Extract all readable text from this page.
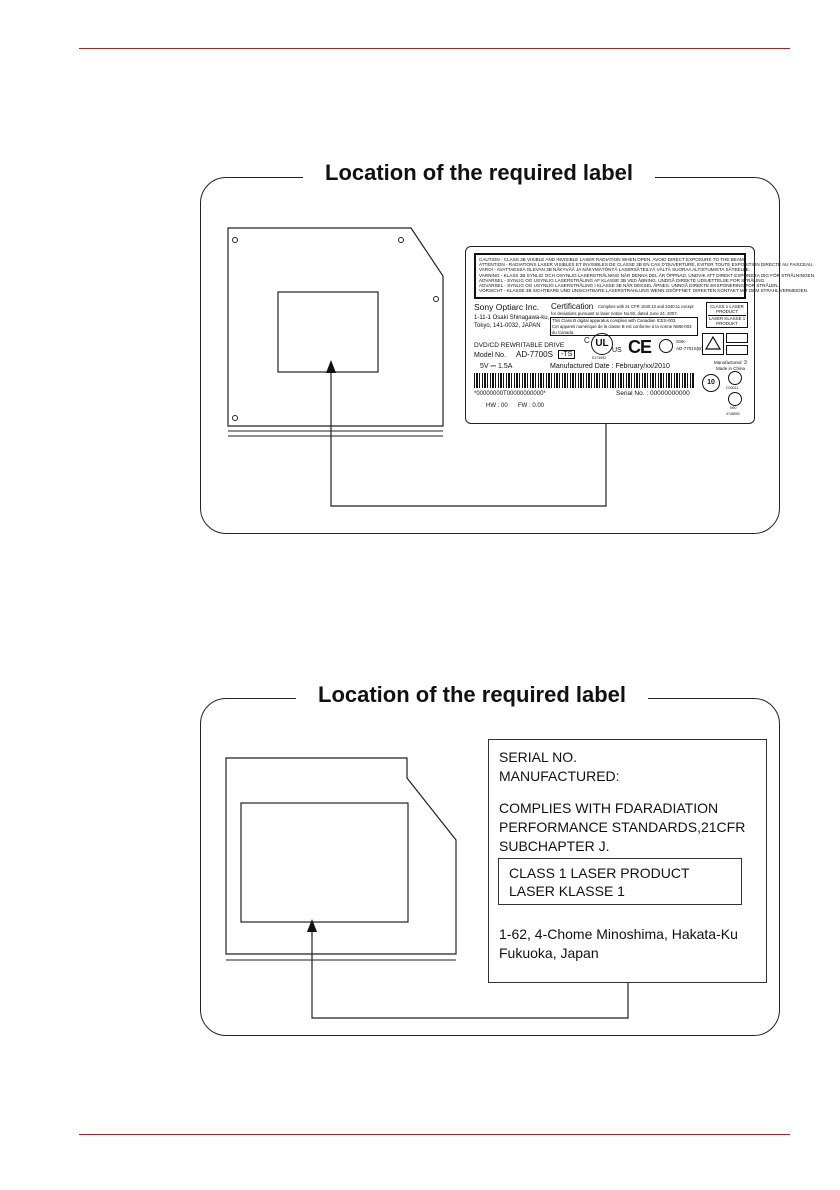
Location of the required label
CAUTION - CLASS 3B VISIBLE AND INVISIBLE LASER RADIATION WHEN OPEN. AVOID DIRECT EXPOSURE TO THE BEAM.
ATTENTION - RADIATIONS LASER VISIBLES ET INVISIBLES DE CLASSE 3B EN CAS D'OUVERTURE, EVITER TOUTE EXPOSITION DIRECTE AU FAISCEAU.
VARO! - AVATTAESSA OLEVAN 3B NÄKYVÄÄ JA NÄKYMÄTÖNTÄ LASERSÄTEILYÄ VÄLTÄ SUORAA ALTISTUMISTA SÄTEELLE.
VARNING - KLASS 3B SYNLIG OCH OSYNLIG LASERSTRÅLNING NÄR DENNA DEL ÄR ÖPPNAD, UNDVIK ATT DIREKT EXPONERA DIG FÖR STRÅLNINGEN.
ADVARSEL - SYNLIG OG USYNLIG LASERSTRÅLING AF KLASSE 3B VED ÅBNING. UNDGÅ DIREKTE UDSÆTTELSE FOR STRÅLING.
ADVARSEL - SYNLIG OG USYNLIG LASERSTRÅLING I KLASSE 3B NÅR DEKSEL ÅPNES. UNNGÅ DIREKTE EKSPONERING FOR STRÅLEN.
VORSICHT - KLASSE 3B SICHTBARE UND UNSICHTBARE LASERSTRAHLUNG WENN GEÖFFNET. DIREKTEN KONTAKT MIT DEM STRAHL VERMEIDEN.
Sony Optiarc Inc.
1-11-1 Osaki Shinagawa-ku,
Tokyo, 141-0032, JAPAN
Certification Complies with 21 CFR 1040.10 and 1040.11 except
for deviations pursuant to laser notice No.50, dated June 24, 2007.
This Class B digital apparatus complies with Canadian ICES-003.
Cet appareil numérique de la classe B est conforme à la norme NMB-003
du Canada.
CLASS 1 LASER
PRODUCT
LASER KLASSE 1
PRODUKT
DVD/CD REWRITABLE DRIVE
Model No. AD-7700S	-TS
5V ⎓ 1.5A	Manufactured Date : February/xx/2010
UL
C
US
E173992
CE	SSK-
AD-7701S(B)
Manufactured 3
Made in China
*00000000T00000000000*	Serial No. : 00000000000
HW : 00 FW : 0.00
10
C00021
N90
4748900
Location of the required label
SERIAL NO.
MANUFACTURED:
COMPLIES WITH FDARADIATION
PERFORMANCE STANDARDS,21CFR
SUBCHAPTER J.
CLASS 1 LASER PRODUCT
LASER KLASSE 1
1-62, 4-Chome Minoshima, Hakata-Ku
Fukuoka, Japan
